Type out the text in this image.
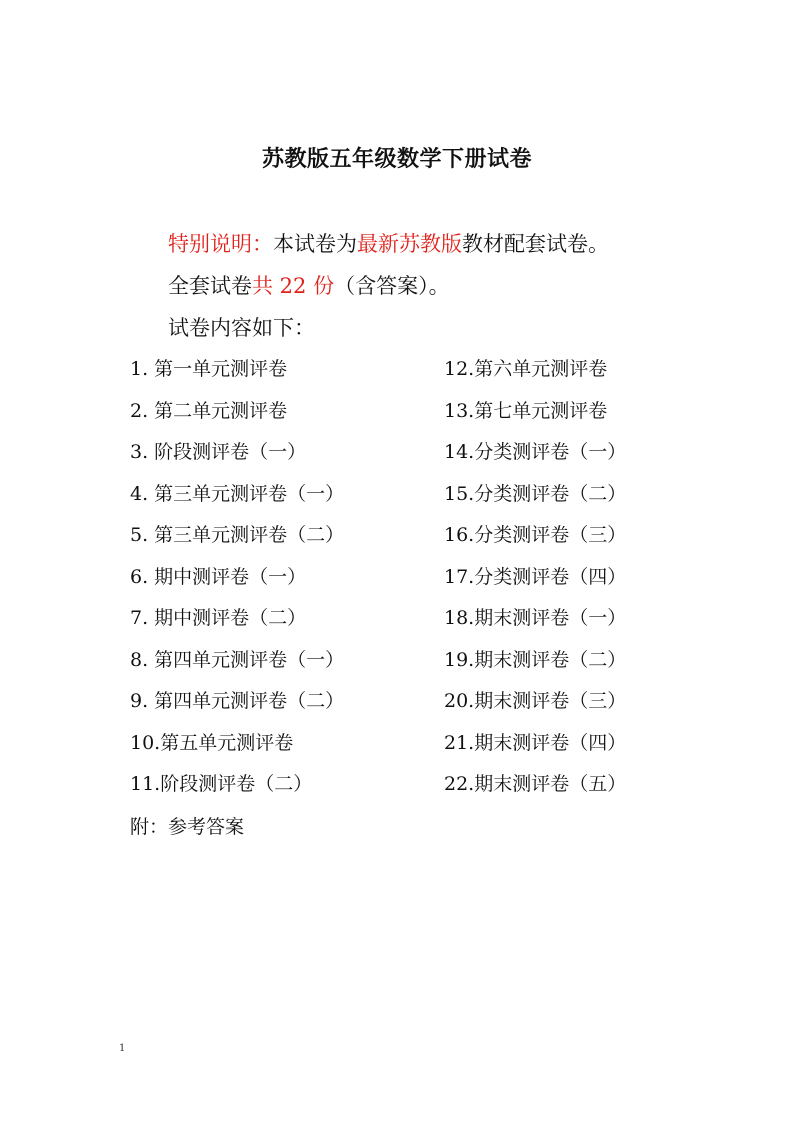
苏教版五年级数学下册试卷
特别说明：本试卷为最新苏教版教材配套试卷。
全套试卷共 22 份（含答案）。
试卷内容如下：
1. 第一单元测评卷	12.第六单元测评卷
2. 第二单元测评卷	13.第七单元测评卷
3. 阶段测评卷（一）	14.分类测评卷（一）
4. 第三单元测评卷（一）	15.分类测评卷（二）
5. 第三单元测评卷（二）	16.分类测评卷（三）
6. 期中测评卷（一）	17.分类测评卷（四）
7. 期中测评卷（二）	18.期末测评卷（一）
8. 第四单元测评卷（一）	19.期末测评卷（二）
9. 第四单元测评卷（二）	20.期末测评卷（三）
10.第五单元测评卷	21.期末测评卷（四）
11.阶段测评卷（二）	22.期末测评卷（五）
附：参考答案
1
